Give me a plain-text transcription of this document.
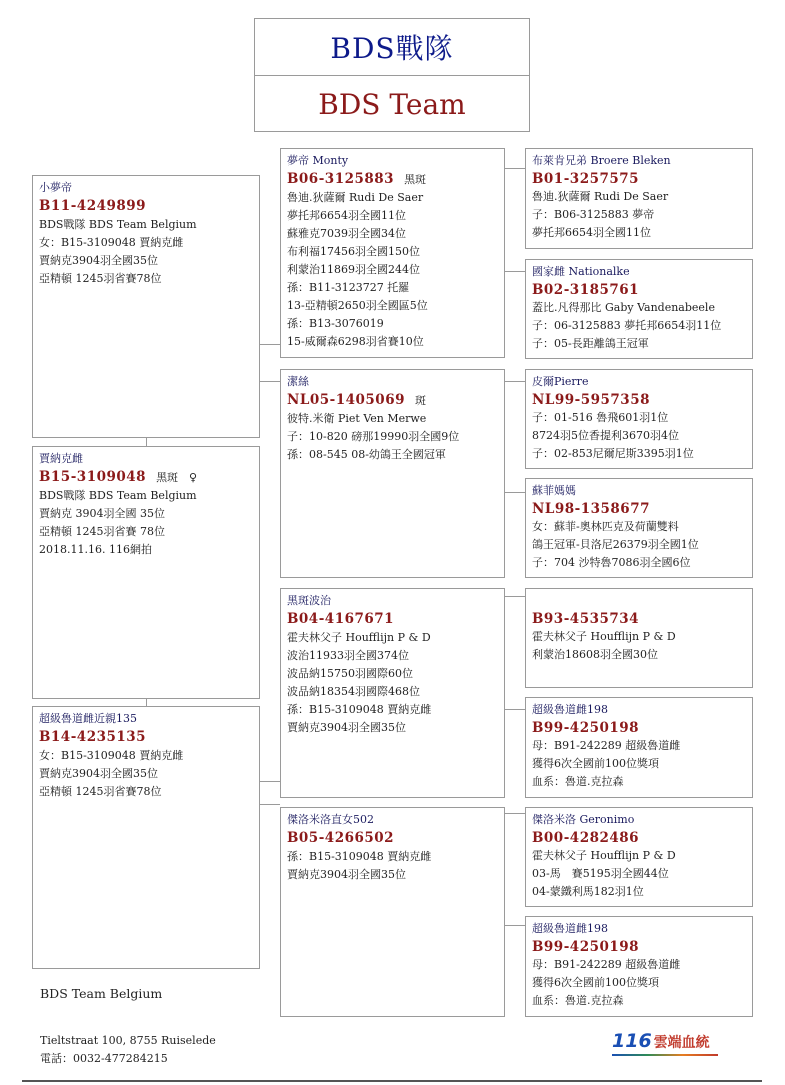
BDS戰隊
BDS Team
小夢帝
B11-4249899
BDS戰隊 BDS Team Belgium
女：B15-3109048 賈納克雌
賈納克3904羽全國35位
亞精頓 1245羽省賽78位
賈納克雌
B15-3109048 黑斑　♀
BDS戰隊 BDS Team Belgium
賈納克 3904羽全國 35位
亞精頓 1245羽省賽 78位
2018.11.16. 116網拍
超級魯道雌近親135
B14-4235135
女：B15-3109048 賈納克雌
賈納克3904羽全國35位
亞精頓 1245羽省賽78位
夢帝 Monty
B06-3125883 黑斑
魯迪.狄薩爾 Rudi De Saer
夢托邦6654羽全國11位
蘇雅克7039羽全國34位
布利福17456羽全國150位
利蒙治11869羽全國244位
孫：B11-3123727 托羅
13-亞精頓2650羽全國區5位
孫：B13-3076019
15-威爾森6298羽省賽10位
潔絲
NL05-1405069 斑
彼特.米衛 Piet Ven Merwe
子：10-820 磅那19990羽全國9位
孫：08-545 08-幼鴿王全國冠軍
黑斑波治
B04-4167671
霍夫林父子 Houfflijn P & D
波治11933羽全國374位
波品納15750羽國際60位
波品納18354羽國際468位
孫：B15-3109048 賈納克雌
賈納克3904羽全國35位
傑洛米洛直女502
B05-4266502
孫：B15-3109048 賈納克雌
賈納克3904羽全國35位
布萊肯兄弟 Broere Bleken
B01-3257575
魯迪.狄薩爾 Rudi De Saer
子：B06-3125883 夢帝
夢托邦6654羽全國11位
國家雌 Nationalke
B02-3185761
蓋比.凡得那比 Gaby Vandenabeele
子：06-3125883 夢托邦6654羽11位
子：05-長距離鴿王冠軍
皮爾Pierre
NL99-5957358
子：01-516 魯飛601羽1位
8724羽5位香提利3670羽4位
子：02-853尼爾尼斯3395羽1位
蘇菲媽媽
NL98-1358677
女：蘇菲-奧林匹克及荷蘭雙料
鴿王冠軍-貝洛尼26379羽全國1位
子：704 沙特魯7086羽全國6位
B93-4535734
霍夫林父子 Houfflijn P & D
利蒙治18608羽全國30位
超級魯道雌198
B99-4250198
母：B91-242289 超級魯道雌
獲得6次全國前100位獎項
血系：魯道.克拉森
傑洛米洛 Geronimo
B00-4282486
霍夫林父子 Houfflijn P & D
03-馬　賽5195羽全國44位
04-蒙鐵利馬182羽1位
超級魯道雌198
B99-4250198
母：B91-242289 超級魯道雌
獲得6次全國前100位獎項
血系：魯道.克拉森
BDS Team Belgium
Tieltstraat 100, 8755 Ruiselede
電話：0032-477284215
116 雲端血統
